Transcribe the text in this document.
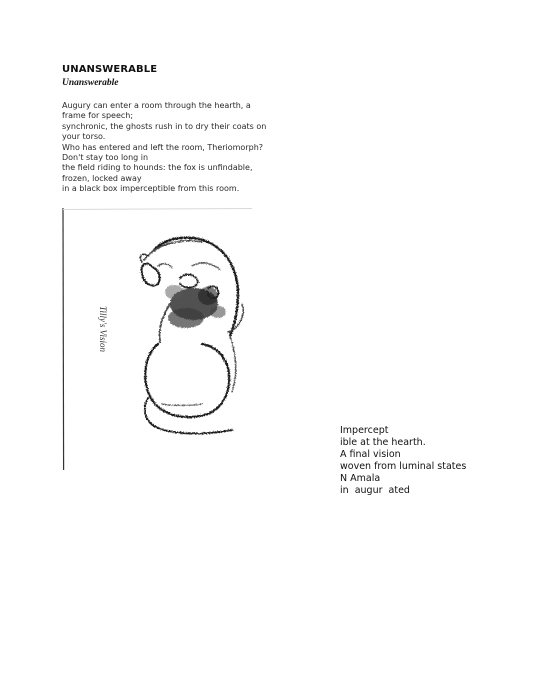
UNANSWERABLE
Unanswerable
Augury can enter a room through the hearth, a
frame for speech;
synchronic, the ghosts rush in to dry their coats on
your torso.
Who has entered and left the room, Theriomorph?
Don't stay too long in
the field riding to hounds: the fox is unfindable,
frozen, locked away
in a black box imperceptible from this room.
Tilly's Vision
Impercept
ible at the hearth.
A final vision
woven from luminal states
N Amala
in  augur  ated
